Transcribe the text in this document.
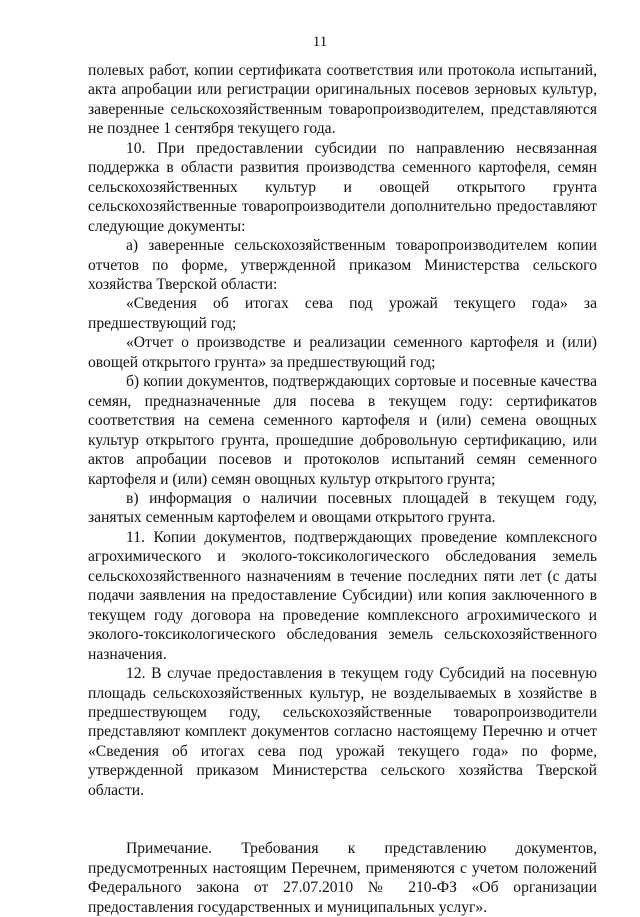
11

полевых работ, копии сертификата соответствия или протокола испытаний, акта апробации или регистрации оригинальных посевов зерновых культур, заверенные сельскохозяйственным товаропроизводителем, представляются не позднее 1 сентября текущего года.

10. При предоставлении субсидии по направлению несвязанная поддержка в области развития производства семенного картофеля, семян сельскохозяйственных культур и овощей открытого грунта сельскохозяйственные товаропроизводители дополнительно предоставляют следующие документы:

а) заверенные сельскохозяйственным товаропроизводителем копии отчетов по форме, утвержденной приказом Министерства сельского хозяйства Тверской области:

«Сведения об итогах сева под урожай текущего года» за предшествующий год;

«Отчет о производстве и реализации семенного картофеля и (или) овощей открытого грунта» за предшествующий год;

б) копии документов, подтверждающих сортовые и посевные качества семян, предназначенные для посева в текущем году: сертификатов соответствия на семена семенного картофеля и (или) семена овощных культур открытого грунта, прошедшие добровольную сертификацию, или актов апробации посевов и протоколов испытаний семян семенного картофеля и (или) семян овощных культур открытого грунта;

в) информация о наличии посевных площадей в текущем году, занятых семенным картофелем и овощами открытого грунта.

11. Копии документов, подтверждающих проведение комплексного агрохимического и эколого-токсикологического обследования земель сельскохозяйственного назначениям в течение последних пяти лет (с даты подачи заявления на предоставление Субсидии) или копия заключенного в текущем году договора на проведение комплексного агрохимического и эколого-токсикологического обследования земель сельскохозяйственного назначения.

12. В случае предоставления в текущем году Субсидий на посевную площадь сельскохозяйственных культур, не возделываемых в хозяйстве в предшествующем году, сельскохозяйственные товаропроизводители представляют комплект документов согласно настоящему Перечню и отчет «Сведения об итогах сева под урожай текущего года» по форме, утвержденной приказом Министерства сельского хозяйства Тверской области.

Примечание. Требования к представлению документов, предусмотренных настоящим Перечнем, применяются с учетом положений Федерального закона от 27.07.2010 № 210-ФЗ «Об организации предоставления государственных и муниципальных услуг».
